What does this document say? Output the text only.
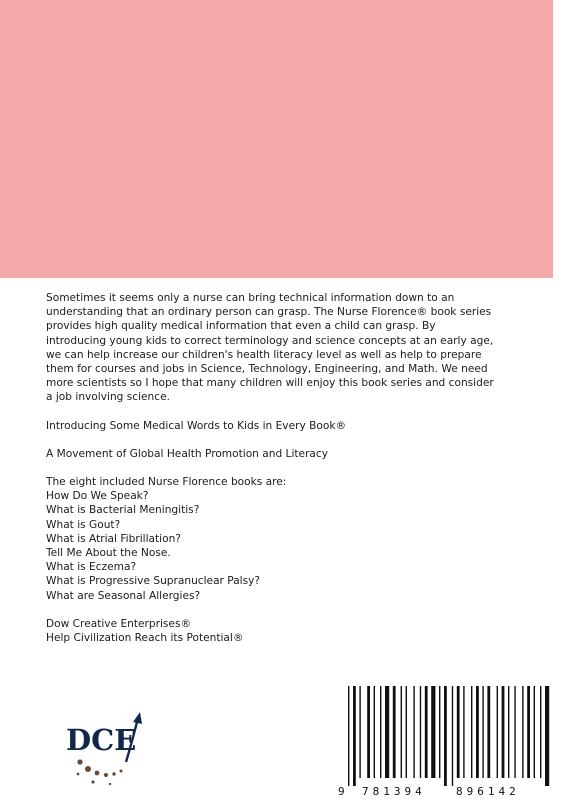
Sometimes it seems only a nurse can bring technical information down to an understanding that an ordinary person can grasp. The Nurse Florence® book series provides high quality medical information that even a child can grasp. By introducing young kids to correct terminology and science concepts at an early age, we can help increase our children's health literacy level as well as help to prepare them for courses and jobs in Science, Technology, Engineering, and Math. We need more scientists so I hope that many children will enjoy this book series and consider a job involving science.

Introducing Some Medical Words to Kids in Every Book®

A Movement of Global Health Promotion and Literacy

The eight included Nurse Florence books are:

How Do We Speak?
What is Bacterial Meningitis?
What is Gout?
What is Atrial Fibrillation?
Tell Me About the Nose.
What is Eczema?
What is Progressive Supranuclear Palsy?
What are Seasonal Allergies?

Dow Creative Enterprises®

Help Civilization Reach its Potential®

DCE
9 781394	896142
